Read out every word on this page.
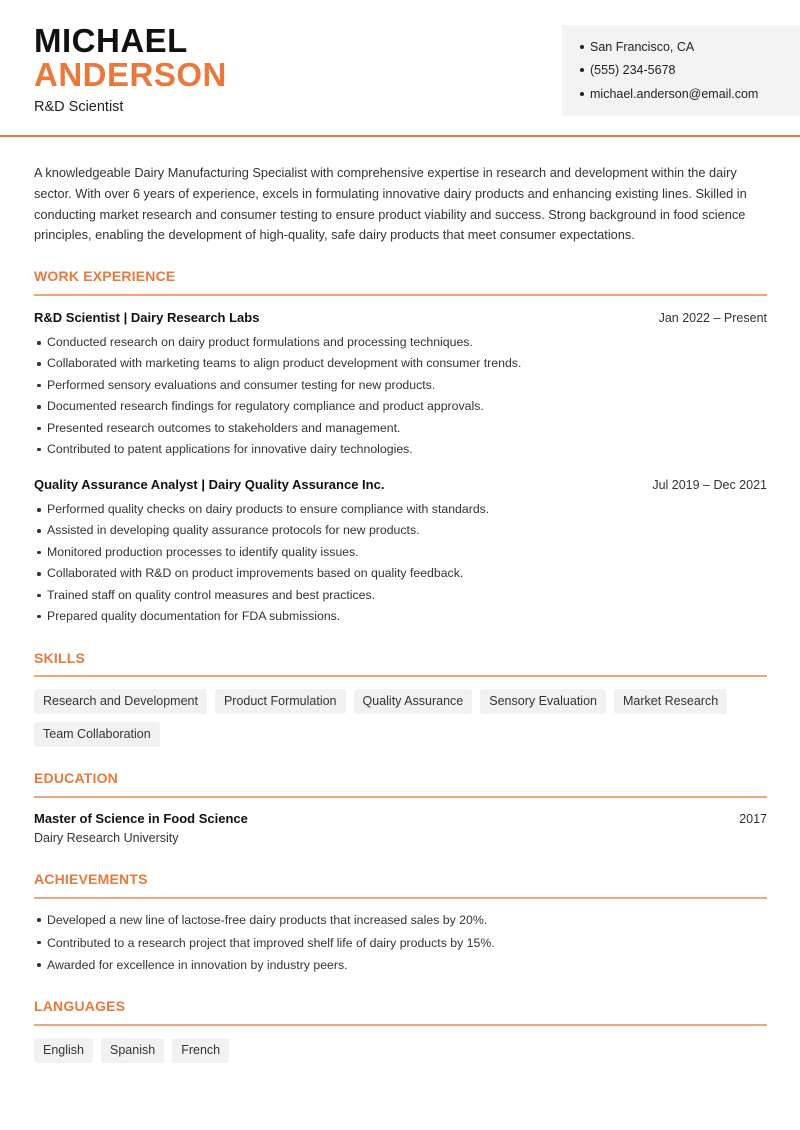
MICHAEL
ANDERSON
R&D Scientist
San Francisco, CA
(555) 234-5678
michael.anderson@email.com

A knowledgeable Dairy Manufacturing Specialist with comprehensive expertise in research and development within the dairy sector. With over 6 years of experience, excels in formulating innovative dairy products and enhancing existing lines. Skilled in conducting market research and consumer testing to ensure product viability and success. Strong background in food science principles, enabling the development of high-quality, safe dairy products that meet consumer expectations.

WORK EXPERIENCE
R&D Scientist | Dairy Research Labs	Jan 2022 – Present
Conducted research on dairy product formulations and processing techniques.
Collaborated with marketing teams to align product development with consumer trends.
Performed sensory evaluations and consumer testing for new products.
Documented research findings for regulatory compliance and product approvals.
Presented research outcomes to stakeholders and management.
Contributed to patent applications for innovative dairy technologies.
Quality Assurance Analyst | Dairy Quality Assurance Inc.	Jul 2019 – Dec 2021
Performed quality checks on dairy products to ensure compliance with standards.
Assisted in developing quality assurance protocols for new products.
Monitored production processes to identify quality issues.
Collaborated with R&D on product improvements based on quality feedback.
Trained staff on quality control measures and best practices.
Prepared quality documentation for FDA submissions.
SKILLS
Research and Development	Product Formulation	Quality Assurance	Sensory Evaluation	Market Research
Team Collaboration
EDUCATION
Master of Science in Food Science	2017
Dairy Research University
ACHIEVEMENTS
Developed a new line of lactose-free dairy products that increased sales by 20%.
Contributed to a research project that improved shelf life of dairy products by 15%.
Awarded for excellence in innovation by industry peers.
LANGUAGES
English	Spanish	French
